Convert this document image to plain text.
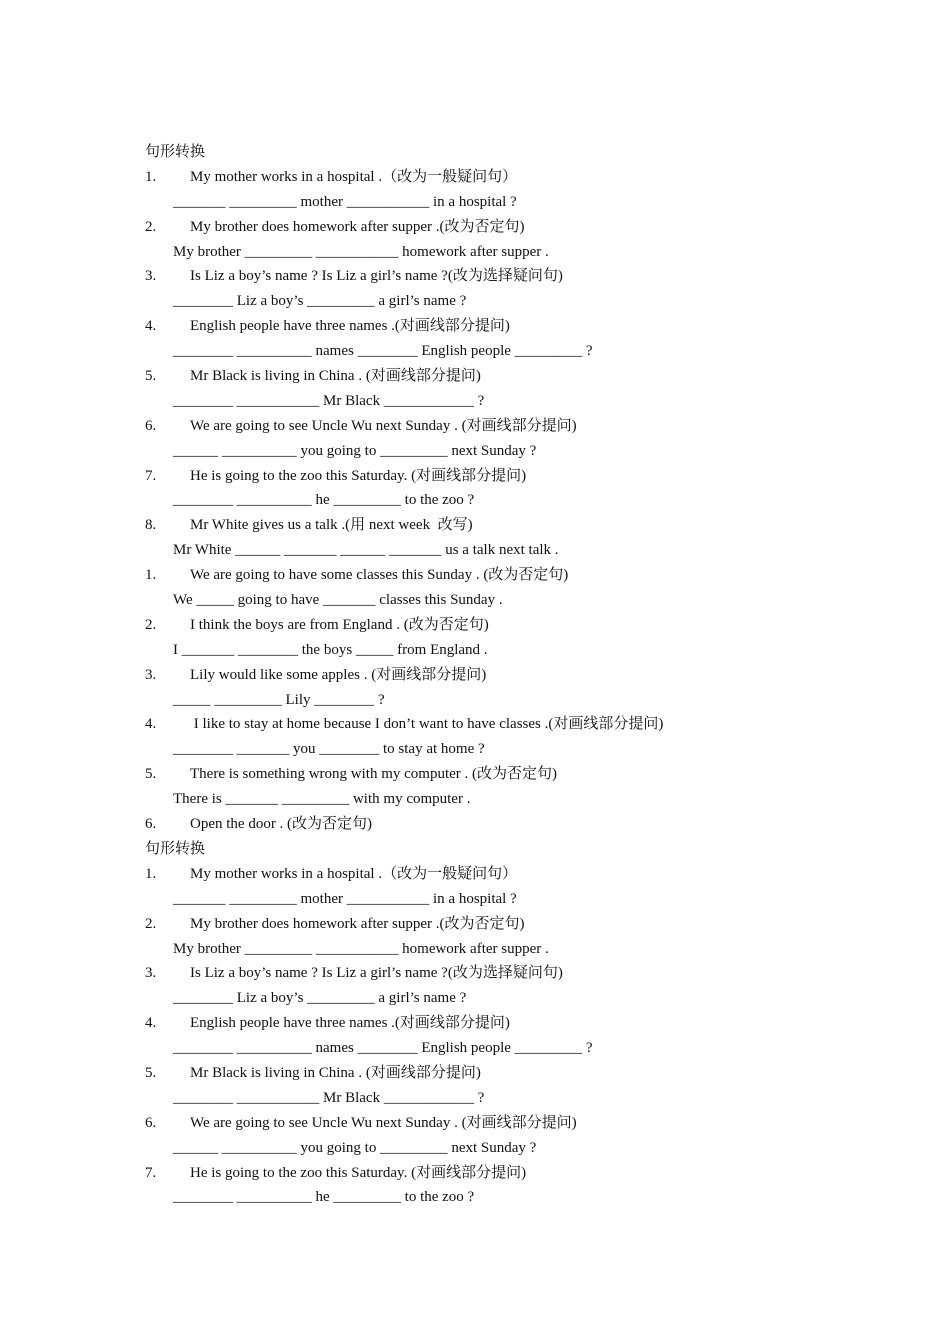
句形转换
1. My mother works in a hospital .（改为一般疑问句）
_______ _________ mother ___________ in a hospital ?
2. My brother does homework after supper .(改为否定句)
My brother _________ ___________ homework after supper .
3. Is Liz a boy’s name ? Is Liz a girl’s name ?(改为选择疑问句)
________ Liz a boy’s _________ a girl’s name ?
4. English people have three names .(对画线部分提问)
________ __________ names ________ English people _________ ?
5. Mr Black is living in China . (对画线部分提问)
________ ___________ Mr Black ____________ ?
6. We are going to see Uncle Wu next Sunday . (对画线部分提问)
______ __________ you going to _________ next Sunday ?
7. He is going to the zoo this Saturday. (对画线部分提问)
________ __________ he _________ to the zoo ?
8. Mr White gives us a talk .(用 next week  改写)
Mr White ______ _______ ______ _______ us a talk next talk .
1. We are going to have some classes this Sunday . (改为否定句)
We _____ going to have _______ classes this Sunday .
2. I think the boys are from England . (改为否定句)
I _______ ________ the boys _____ from England .
3. Lily would like some apples . (对画线部分提问)
_____ _________ Lily ________ ?
4. I like to stay at home because I don’t want to have classes .(对画线部分提问)
________ _______ you ________ to stay at home ?
5. There is something wrong with my computer . (改为否定句)
There is _______ _________ with my computer .
6. Open the door . (改为否定句)
句形转换
1. My mother works in a hospital .（改为一般疑问句）
_______ _________ mother ___________ in a hospital ?
2. My brother does homework after supper .(改为否定句)
My brother _________ ___________ homework after supper .
3. Is Liz a boy’s name ? Is Liz a girl’s name ?(改为选择疑问句)
________ Liz a boy’s _________ a girl’s name ?
4. English people have three names .(对画线部分提问)
________ __________ names ________ English people _________ ?
5. Mr Black is living in China . (对画线部分提问)
________ ___________ Mr Black ____________ ?
6. We are going to see Uncle Wu next Sunday . (对画线部分提问)
______ __________ you going to _________ next Sunday ?
7. He is going to the zoo this Saturday. (对画线部分提问)
________ __________ he _________ to the zoo ?
